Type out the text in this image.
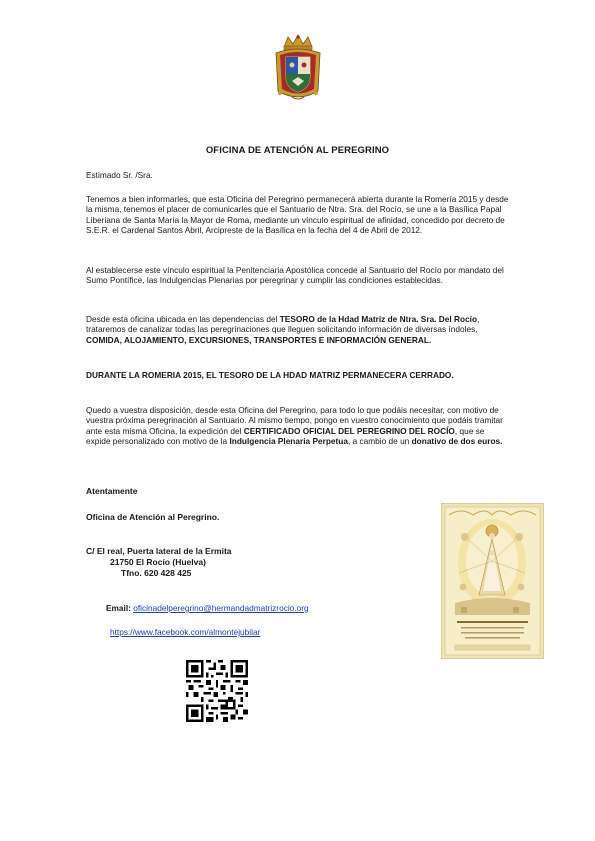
OFICINA DE ATENCIÓN AL PEREGRINO
Estimado Sr. /Sra.
Tenemos a bien informarles, que esta Oficina del Peregrino permanecerá abierta durante la Romería 2015 y desde la misma, tenemos el placer de comunicarles que el Santuario de Ntra. Sra. del Rocío, se une a la Basílica Papal Liberiana de Santa María la Mayor de Roma, mediante un vínculo espiritual de afinidad, concedido por decreto de S.E.R. el Cardenal Santos Abril, Arcipreste de la Basílica en la fecha del 4 de Abril de 2012.
Al establecerse este vínculo espiritual la Penitenciaria Apostólica concede al Santuario del Rocío por mandato del Sumo Pontífice, las Indulgencias Plenarias por peregrinar y cumplir las condiciones establecidas.
Desde esta oficina ubicada en las dependencias del TESORO de la Hdad Matriz de Ntra. Sra. Del Rocío, trataremos de canalizar todas las peregrinaciones que lleguen solicitando información de diversas índoles, COMIDA, ALOJAMIENTO, EXCURSIONES, TRANSPORTES E INFORMACIÓN GENERAL.
DURANTE LA ROMERIA 2015, EL TESORO DE LA HDAD MATRIZ PERMANECERA CERRADO.
Quedo a vuestra disposición, desde esta Oficina del Peregrino, para todo lo que podáis necesitar, con motivo de vuestra próxima peregrinación al Santuario. Al mismo tiempo, pongo en vuestro conocimiento que podáis tramitar ante esta misma Oficina, la expedición del CERTIFICADO OFICIAL DEL PEREGRINO DEL ROCÍO, que se expide personalizado con motivo de la Indulgencia Plenaria Perpetua, a cambio de un donativo de dos euros.
Atentamente
Oficina de Atención al Peregrino.
C/ El real, Puerta lateral de la Ermita
21750 El Rocío (Huelva)
Tfno. 620 428 425
Email: oficinadelperegrino@hermandadmatrizrocio.org
https://www.facebook.com/almontejubilar
